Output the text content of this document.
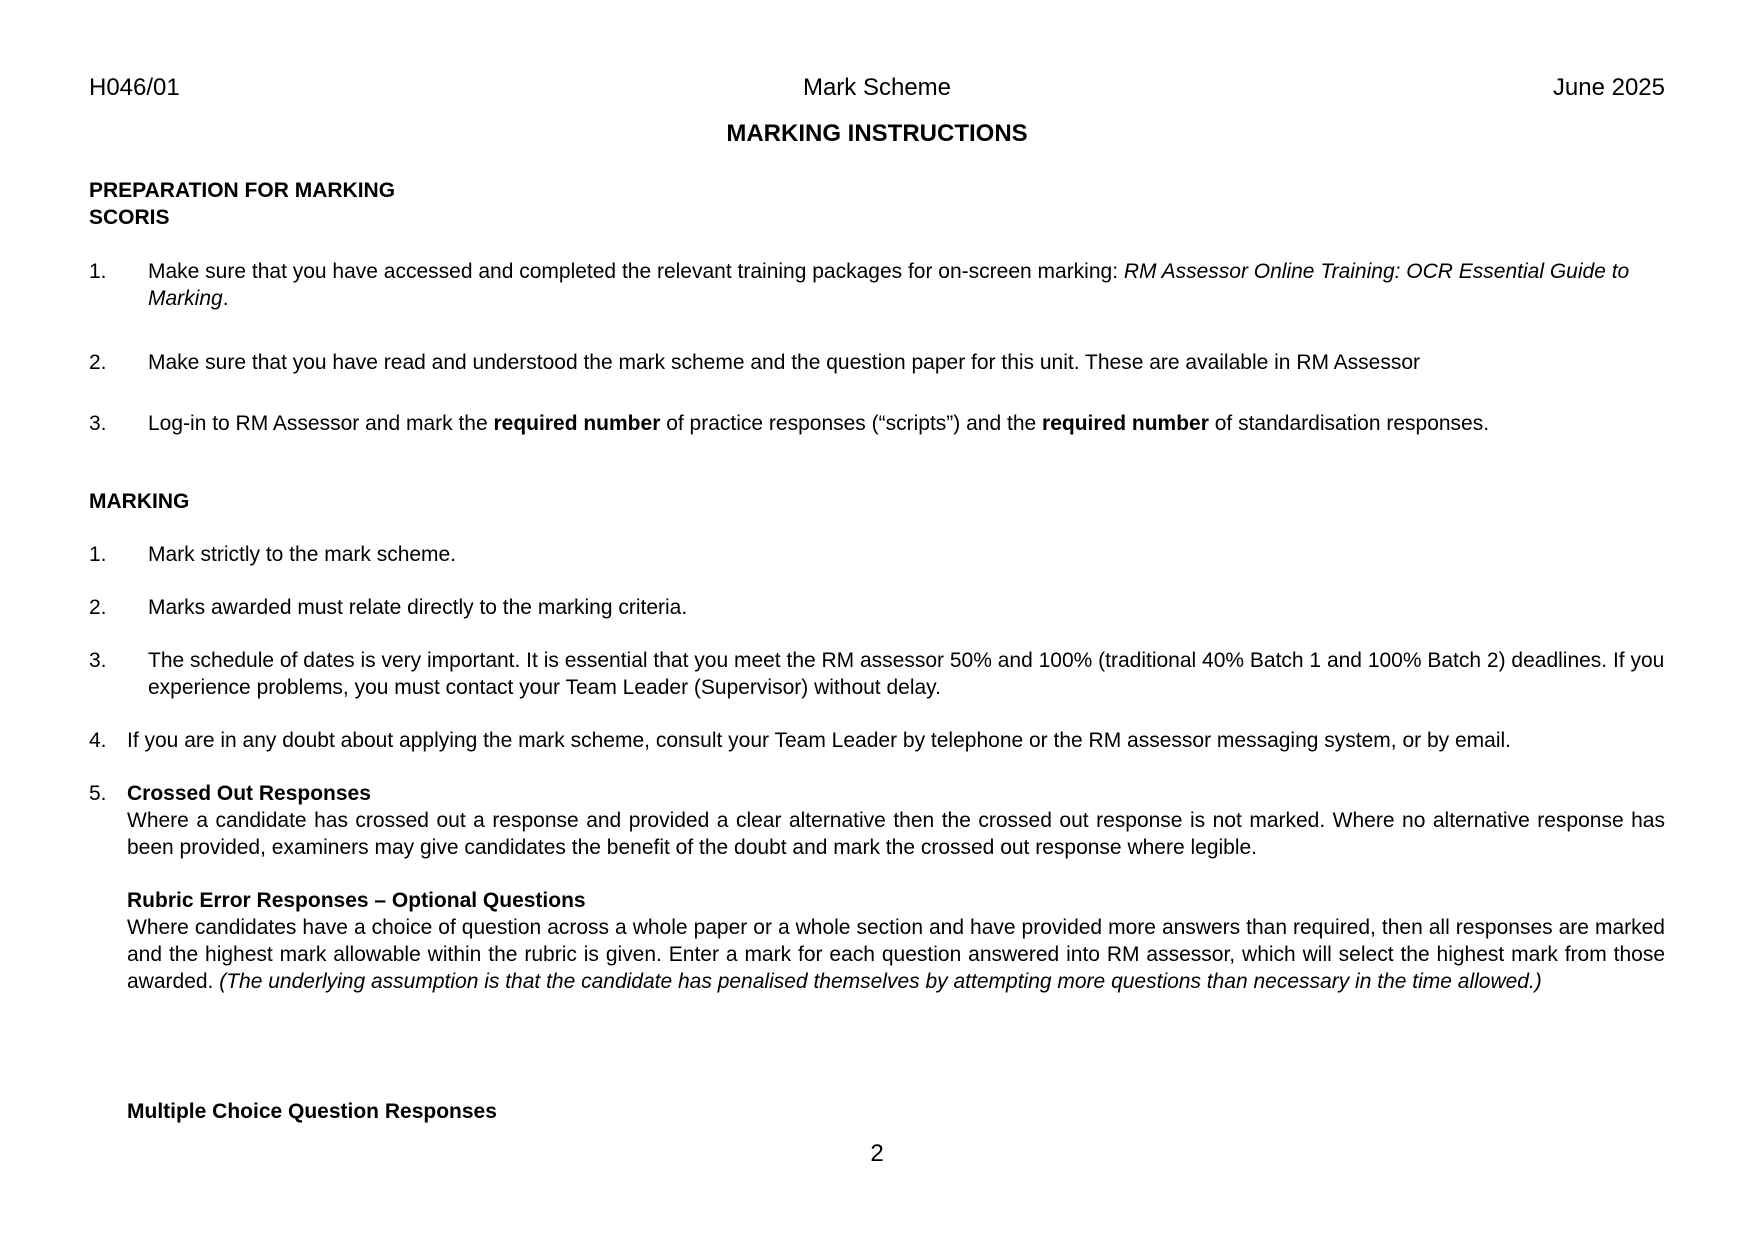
H046/01	Mark Scheme	June 2025
MARKING INSTRUCTIONS
PREPARATION FOR MARKING
SCORIS
1. Make sure that you have accessed and completed the relevant training packages for on-screen marking: RM Assessor Online Training: OCR Essential Guide to Marking.
2. Make sure that you have read and understood the mark scheme and the question paper for this unit. These are available in RM Assessor
3. Log-in to RM Assessor and mark the required number of practice responses (“scripts”) and the required number of standardisation responses.
MARKING
1. Mark strictly to the mark scheme.
2. Marks awarded must relate directly to the marking criteria.
3. The schedule of dates is very important. It is essential that you meet the RM assessor 50% and 100% (traditional 40% Batch 1 and 100% Batch 2) deadlines. If you experience problems, you must contact your Team Leader (Supervisor) without delay.
4. If you are in any doubt about applying the mark scheme, consult your Team Leader by telephone or the RM assessor messaging system, or by email.
5. Crossed Out Responses
Where a candidate has crossed out a response and provided a clear alternative then the crossed out response is not marked. Where no alternative response has been provided, examiners may give candidates the benefit of the doubt and mark the crossed out response where legible.
Rubric Error Responses – Optional Questions
Where candidates have a choice of question across a whole paper or a whole section and have provided more answers than required, then all responses are marked and the highest mark allowable within the rubric is given. Enter a mark for each question answered into RM assessor, which will select the highest mark from those awarded. (The underlying assumption is that the candidate has penalised themselves by attempting more questions than necessary in the time allowed.)
Multiple Choice Question Responses
2
